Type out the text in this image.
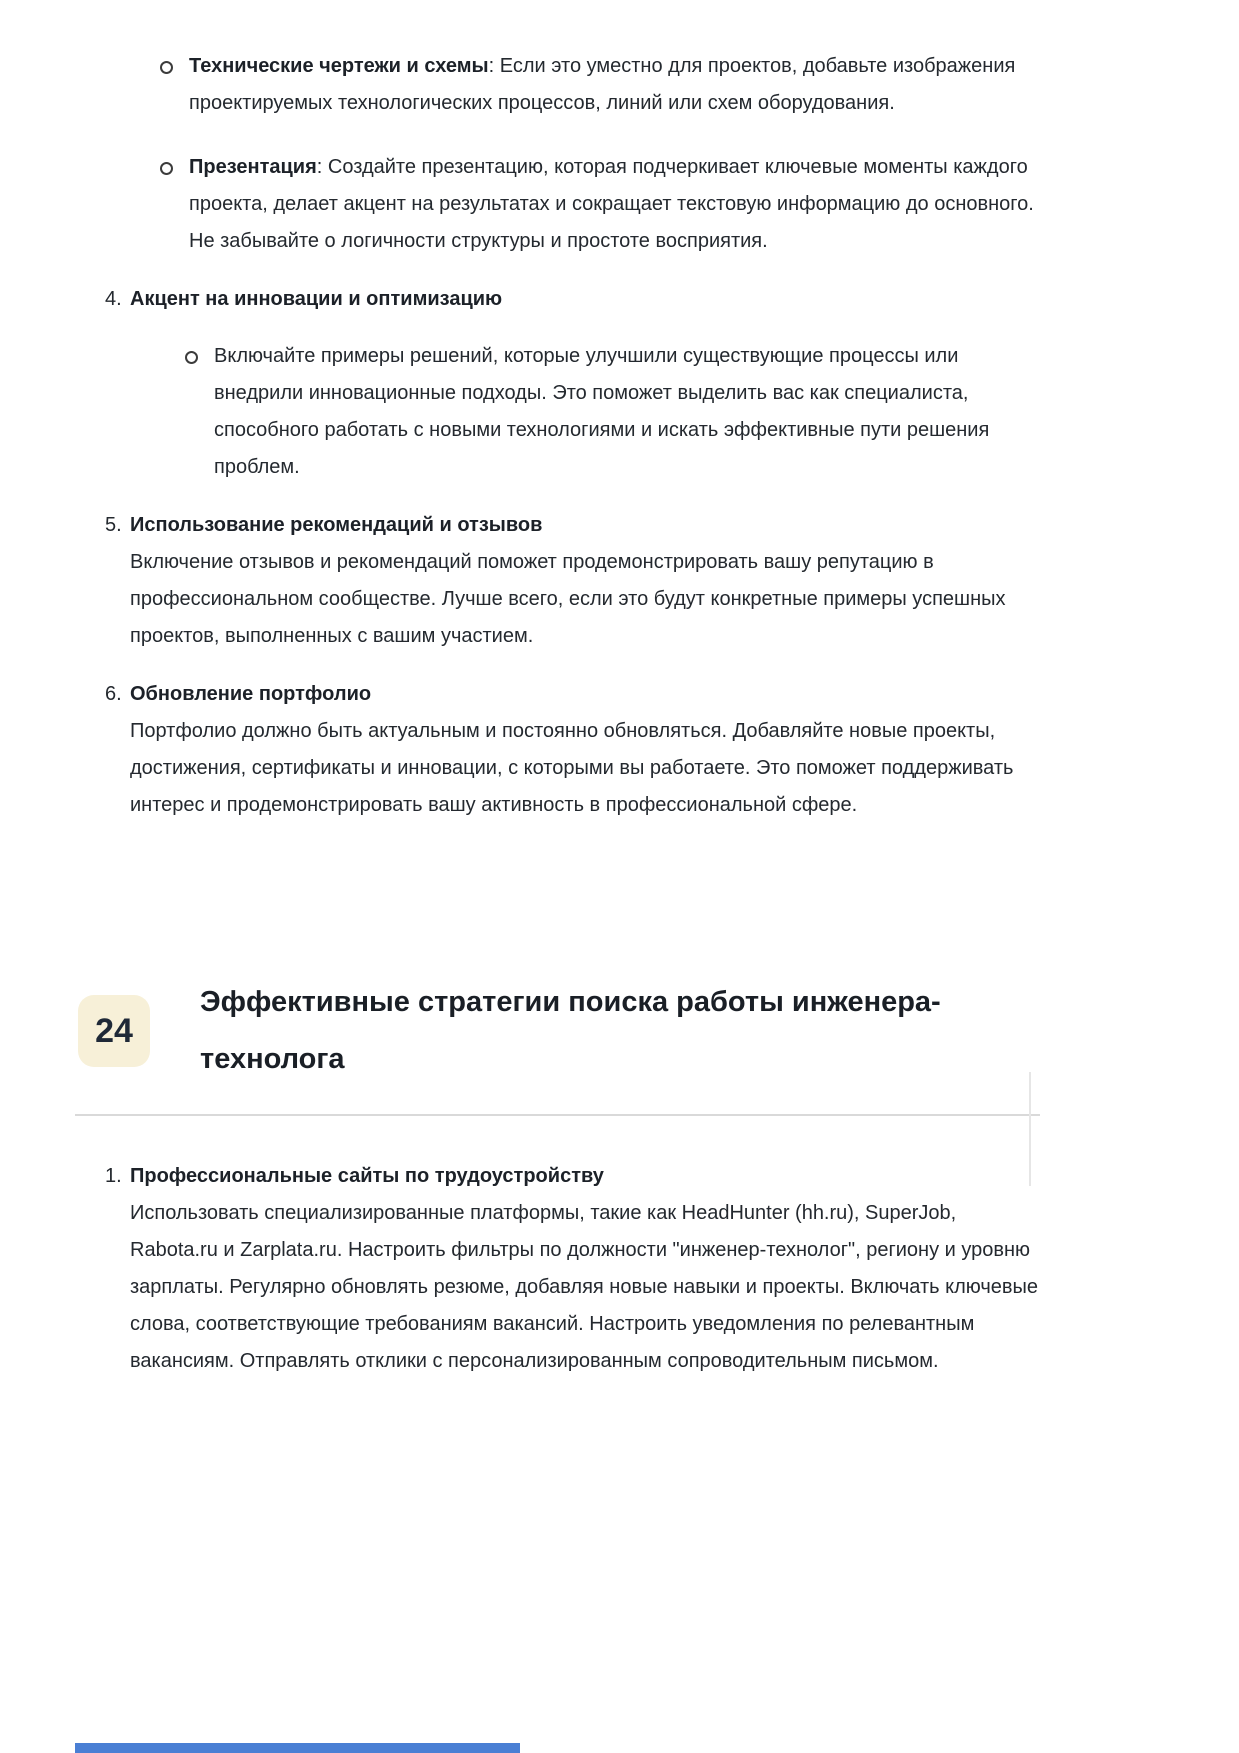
Технические чертежи и схемы: Если это уместно для проектов, добавьте изображения проектируемых технологических процессов, линий или схем оборудования.

Презентация: Создайте презентацию, которая подчеркивает ключевые моменты каждого проекта, делает акцент на результатах и сокращает текстовую информацию до основного. Не забывайте о логичности структуры и простоте восприятия.

4. Акцент на инновации и оптимизацию

Включайте примеры решений, которые улучшили существующие процессы или внедрили инновационные подходы. Это поможет выделить вас как специалиста, способного работать с новыми технологиями и искать эффективные пути решения проблем.

5. Использование рекомендаций и отзывов

Включение отзывов и рекомендаций поможет продемонстрировать вашу репутацию в профессиональном сообществе. Лучше всего, если это будут конкретные примеры успешных проектов, выполненных с вашим участием.

6. Обновление портфолио

Портфолио должно быть актуальным и постоянно обновляться. Добавляйте новые проекты, достижения, сертификаты и инновации, с которыми вы работаете. Это поможет поддерживать интерес и продемонстрировать вашу активность в профессиональной сфере.

24
Эффективные стратегии поиска работы инженера-технолога
1. Профессиональные сайты по трудоустройству

Использовать специализированные платформы, такие как HeadHunter (hh.ru), SuperJob, Rabota.ru и Zarplata.ru. Настроить фильтры по должности "инженер-технолог", региону и уровню зарплаты. Регулярно обновлять резюме, добавляя новые навыки и проекты. Включать ключевые слова, соответствующие требованиям вакансий. Настроить уведомления по релевантным вакансиям. Отправлять отклики с персонализированным сопроводительным письмом.
